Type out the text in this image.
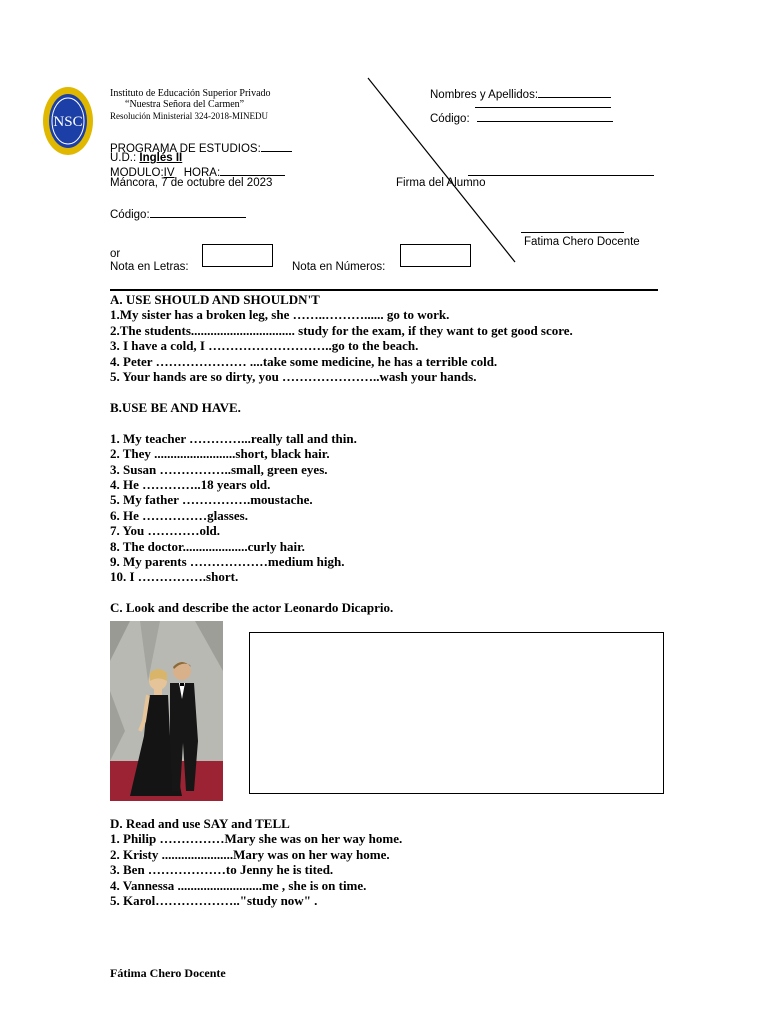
NSC
Instituto de Educación Superior Privado
“Nuestra Señora del Carmen”
Resolución Ministerial 324-2018-MINEDU
Nombres y Apellidos:
Código:
PROGRAMA DE ESTUDIOS:
U.D.: Inglés II
MODULO:IV HORA:
Máncora, 7 de octubre del 2023	Firma del Alumno
Código:
Fatima Chero Docente
or
Nota en Letras:	Nota en Números:
A. USE SHOULD AND SHOULDN'T
1.My sister has a broken leg, she ……..………...... go to work.
2.The students................................ study for the exam, if they want to get good score.
3. I have a cold, I ………………………..go to the beach.
4. Peter ………………… ....take some medicine, he has a terrible cold.
5. Your hands are so dirty, you …………………..wash your hands.
B.USE BE AND HAVE.
1. My teacher …………...really tall and thin.
2. They .........................short, black hair.
3. Susan ……………..small, green eyes.
4. He …………..18 years old.
5. My father …………….moustache.
6. He ……………glasses.
7. You …………old.
8. The doctor....................curly hair.
9. My parents ………………medium high.
10. I …………….short.
C. Look and describe the actor Leonardo Dicaprio.
D. Read and use SAY and TELL
1. Philip ……………Mary she was on her way home.
2. Kristy ......................Mary was on her way home.
3. Ben ………………to Jenny he is tited.
4. Vannessa ..........................me , she is on time.
5. Karol……………….."study now" .
Fátima Chero Docente
